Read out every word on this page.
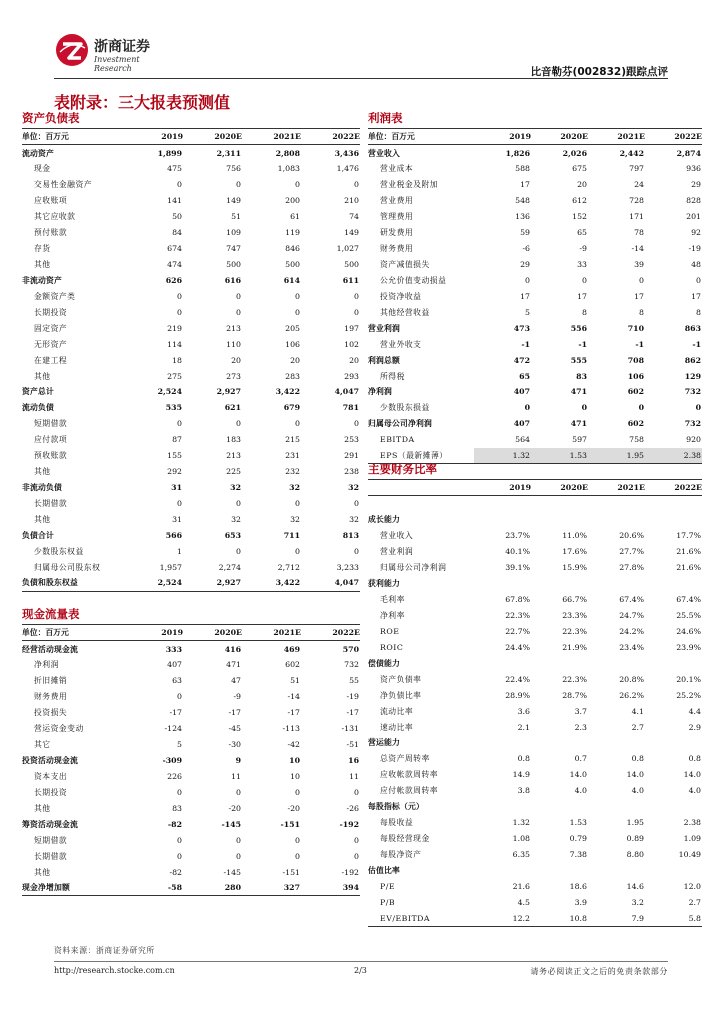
浙商证券
Investment Research	比音勒芬(002832)跟踪点评
表附录：三大报表预测值
资产负债表
单位：百万元	2019	2020E	2021E	2022E
流动资产	1,899	2,311	2,808	3,436
现金	475	756	1,083	1,476
交易性金融资产	0	0	0	0
应收账项	141	149	200	210
其它应收款	50	51	61	74
预付账款	84	109	119	149
存货	674	747	846	1,027
其他	474	500	500	500
非流动资产	626	616	614	611
金额资产类	0	0	0	0
长期投资	0	0	0	0
固定资产	219	213	205	197
无形资产	114	110	106	102
在建工程	18	20	20	20
其他	275	273	283	293
资产总计	2,524	2,927	3,422	4,047
流动负债	535	621	679	781
短期借款	0	0	0	0
应付款项	87	183	215	253
预收账款	155	213	231	291
其他	292	225	232	238
非流动负债	31	32	32	32
长期借款	0	0	0	0
其他	31	32	32	32
负债合计	566	653	711	813
少数股东权益	1	0	0	0
归属母公司股东权	1,957	2,274	2,712	3,233
负债和股东权益	2,524	2,927	3,422	4,047
现金流量表
单位：百万元	2019	2020E	2021E	2022E
经营活动现金流	333	416	469	570
净利润	407	471	602	732
折旧摊销	63	47	51	55
财务费用	0	-9	-14	-19
投资损失	-17	-17	-17	-17
营运资金变动	-124	-45	-113	-131
其它	5	-30	-42	-51
投资活动现金流	-309	9	10	16
资本支出	226	11	10	11
长期投资	0	0	0	0
其他	83	-20	-20	-26
筹资活动现金流	-82	-145	-151	-192
短期借款	0	0	0	0
长期借款	0	0	0	0
其他	-82	-145	-151	-192
现金净增加额	-58	280	327	394
利润表
单位：百万元	2019	2020E	2021E	2022E
营业收入	1,826	2,026	2,442	2,874
营业成本	588	675	797	936
营业税金及附加	17	20	24	29
营业费用	548	612	728	828
管理费用	136	152	171	201
研发费用	59	65	78	92
财务费用	-6	-9	-14	-19
资产减值损失	29	33	39	48
公允价值变动损益	0	0	0	0
投资净收益	17	17	17	17
其他经营收益	5	8	8	8
营业利润	473	556	710	863
营业外收支	-1	-1	-1	-1
利润总额	472	555	708	862
所得税	65	83	106	129
净利润	407	471	602	732
少数股东损益	0	0	0	0
归属母公司净利润	407	471	602	732
EBITDA	564	597	758	920
EPS（最新摊薄）	1.32	1.53	1.95	2.38
主要财务比率
	2019	2020E	2021E	2022E

成长能力				
营业收入	23.7%	11.0%	20.6%	17.7%
营业利润	40.1%	17.6%	27.7%	21.6%
归属母公司净利润	39.1%	15.9%	27.8%	21.6%
获利能力				
毛利率	67.8%	66.7%	67.4%	67.4%
净利率	22.3%	23.3%	24.7%	25.5%
ROE	22.7%	22.3%	24.2%	24.6%
ROIC	24.4%	21.9%	23.4%	23.9%
偿债能力				
资产负债率	22.4%	22.3%	20.8%	20.1%
净负债比率	28.9%	28.7%	26.2%	25.2%
流动比率	3.6	3.7	4.1	4.4
速动比率	2.1	2.3	2.7	2.9
营运能力				
总资产周转率	0.8	0.7	0.8	0.8
应收帐款周转率	14.9	14.0	14.0	14.0
应付帐款周转率	3.8	4.0	4.0	4.0
每股指标（元）				
每股收益	1.32	1.53	1.95	2.38
每股经营现金	1.08	0.79	0.89	1.09
每股净资产	6.35	7.38	8.80	10.49
估值比率				
P/E	21.6	18.6	14.6	12.0
P/B	4.5	3.9	3.2	2.7
EV/EBITDA	12.2	10.8	7.9	5.8
资料来源：浙商证券研究所
http://research.stocke.com.cn	2/3	请务必阅读正文之后的免责条款部分
